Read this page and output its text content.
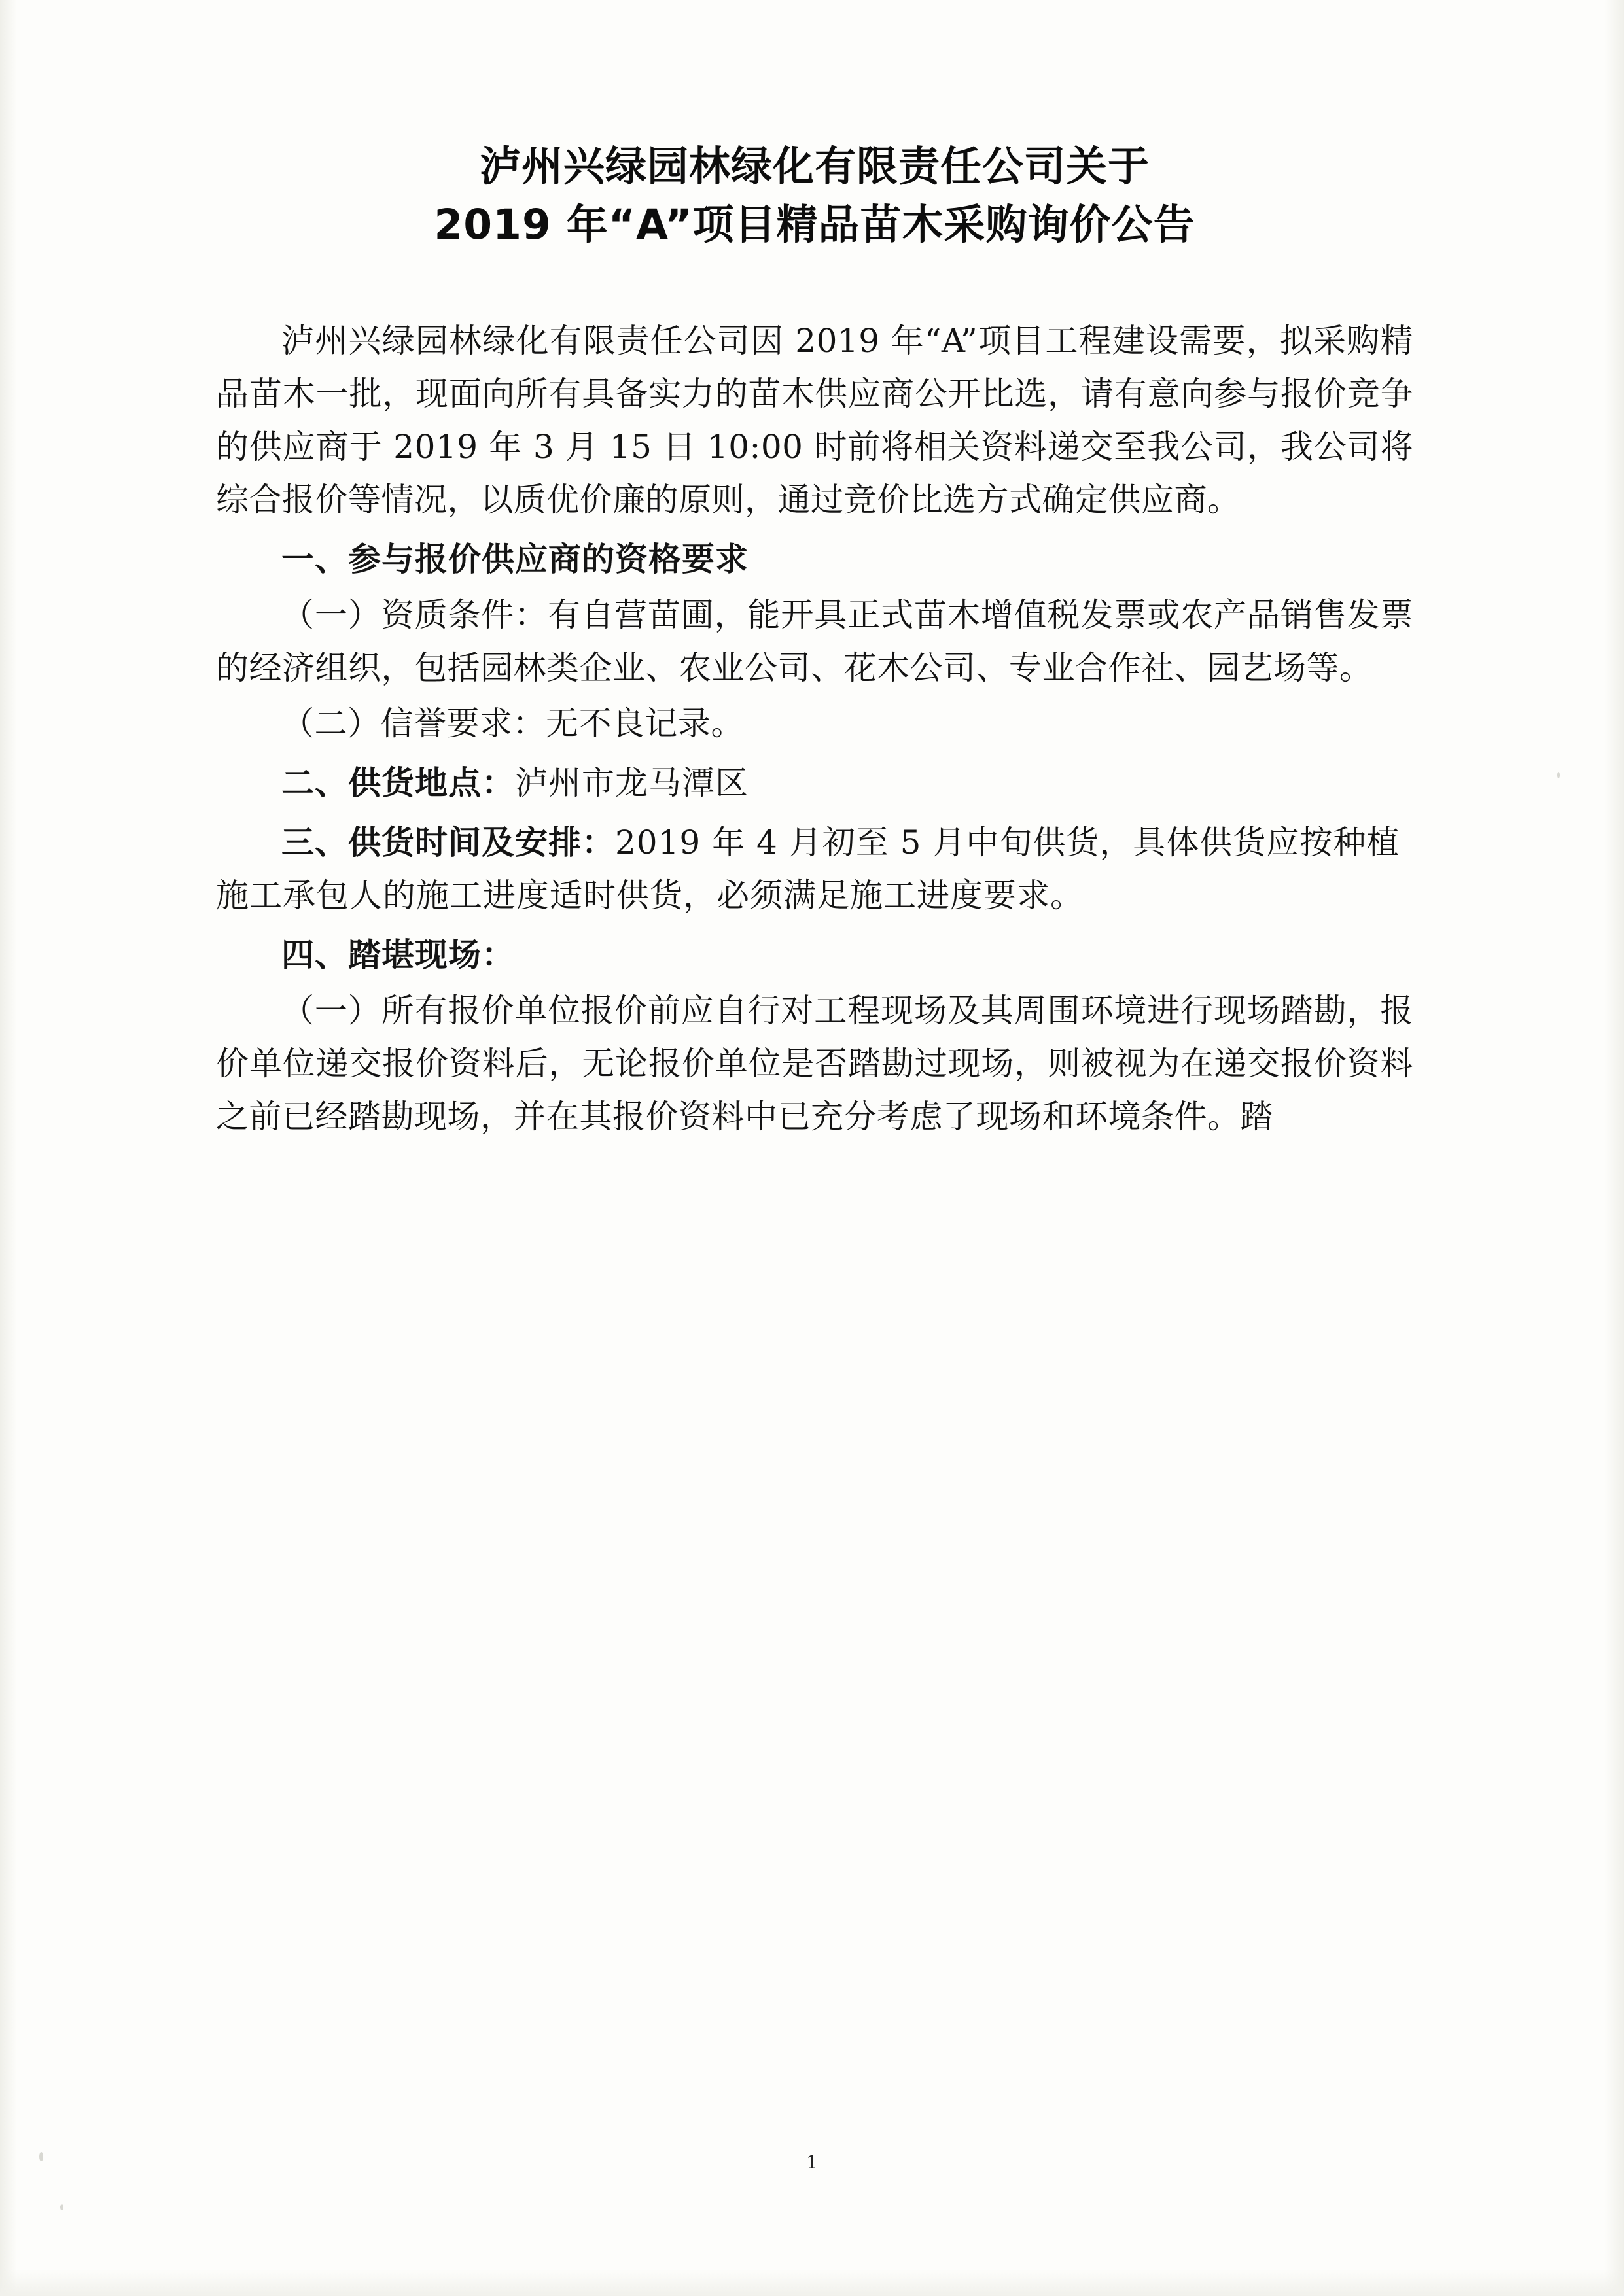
泸州兴绿园林绿化有限责任公司关于
2019 年“A”项目精品苗木采购询价公告

泸州兴绿园林绿化有限责任公司因 2019 年“A”项目工程建设需要，拟采购精品苗木一批，现面向所有具备实力的苗木供应商公开比选，请有意向参与报价竞争的供应商于 2019 年 3 月 15 日 10:00 时前将相关资料递交至我公司，我公司将综合报价等情况，以质优价廉的原则，通过竞价比选方式确定供应商。

一、参与报价供应商的资格要求

（一）资质条件：有自营苗圃，能开具正式苗木增值税发票或农产品销售发票的经济组织，包括园林类企业、农业公司、花木公司、专业合作社、园艺场等。

（二）信誉要求：无不良记录。

二、供货地点：泸州市龙马潭区

三、供货时间及安排：2019 年 4 月初至 5 月中旬供货，具体供货应按种植施工承包人的施工进度适时供货，必须满足施工进度要求。

四、踏堪现场：

（一）所有报价单位报价前应自行对工程现场及其周围环境进行现场踏勘，报价单位递交报价资料后，无论报价单位是否踏勘过现场，则被视为在递交报价资料之前已经踏勘现场，并在其报价资料中已充分考虑了现场和环境条件。踏

1
